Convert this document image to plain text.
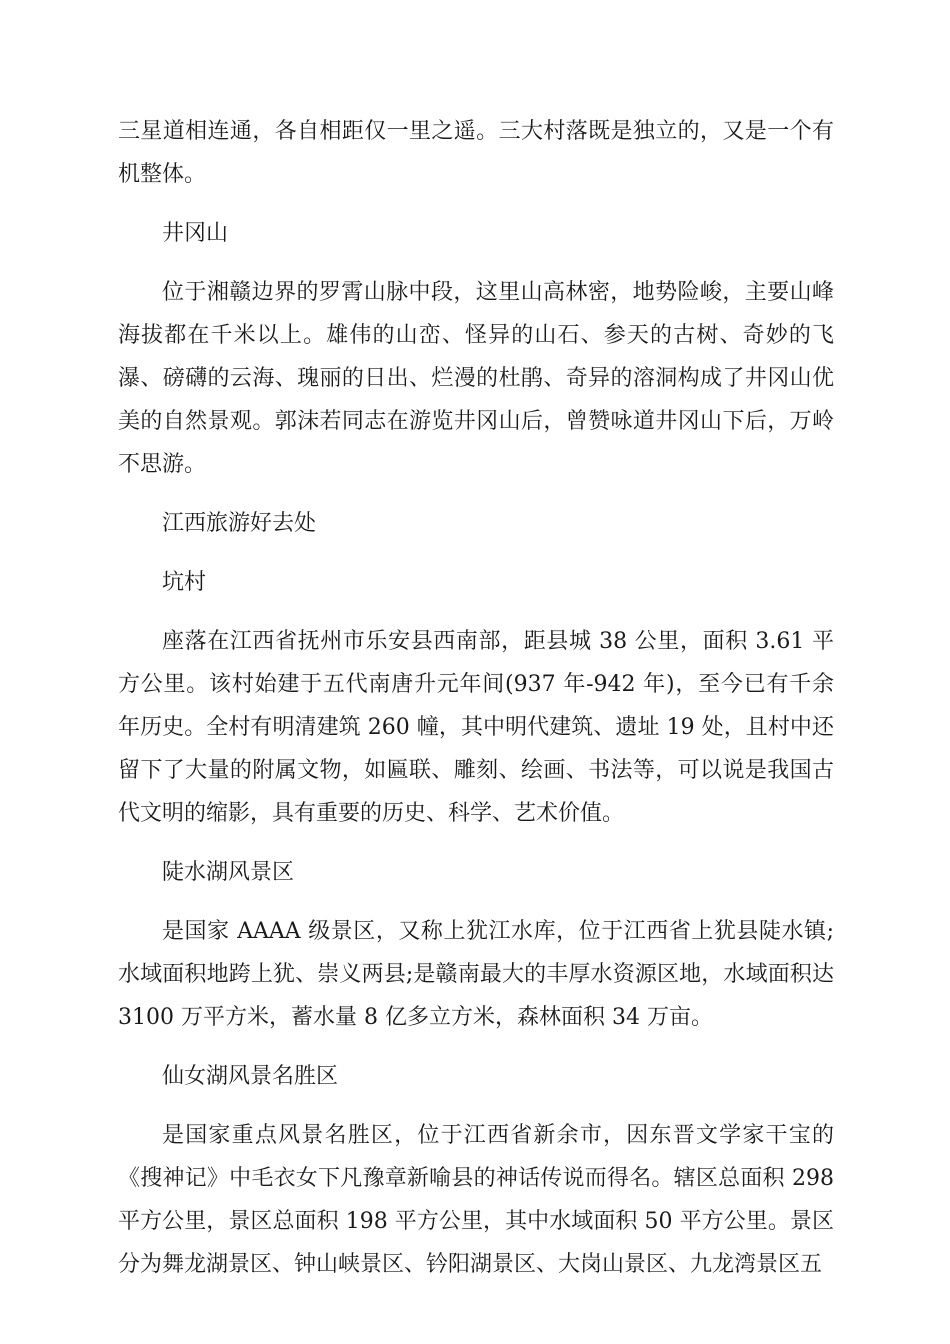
三星道相连通，各自相距仅一里之遥。三大村落既是独立的，又是一个有机整体。

井冈山

位于湘赣边界的罗霄山脉中段，这里山高林密，地势险峻，主要山峰海拔都在千米以上。雄伟的山峦、怪异的山石、参天的古树、奇妙的飞瀑、磅礴的云海、瑰丽的日出、烂漫的杜鹃、奇异的溶洞构成了井冈山优美的自然景观。郭沫若同志在游览井冈山后，曾赞咏道井冈山下后，万岭不思游。

江西旅游好去处

坑村

座落在江西省抚州市乐安县西南部，距县城 38 公里，面积 3.61 平方公里。该村始建于五代南唐升元年间(937 年-942 年)，至今已有千余年历史。全村有明清建筑 260 幢，其中明代建筑、遗址 19 处，且村中还留下了大量的附属文物，如匾联、雕刻、绘画、书法等，可以说是我国古代文明的缩影，具有重要的历史、科学、艺术价值。

陡水湖风景区

是国家 AAAA 级景区，又称上犹江水库，位于江西省上犹县陡水镇;水域面积地跨上犹、崇义两县;是赣南最大的丰厚水资源区地，水域面积达 3100 万平方米，蓄水量 8 亿多立方米，森林面积 34 万亩。

仙女湖风景名胜区

是国家重点风景名胜区，位于江西省新余市，因东晋文学家干宝的《搜神记》中毛衣女下凡豫章新喻县的神话传说而得名。辖区总面积 298 平方公里，景区总面积 198 平方公里，其中水域面积 50 平方公里。景区分为舞龙湖景区、钟山峡景区、钤阳湖景区、大岗山景区、九龙湾景区五
